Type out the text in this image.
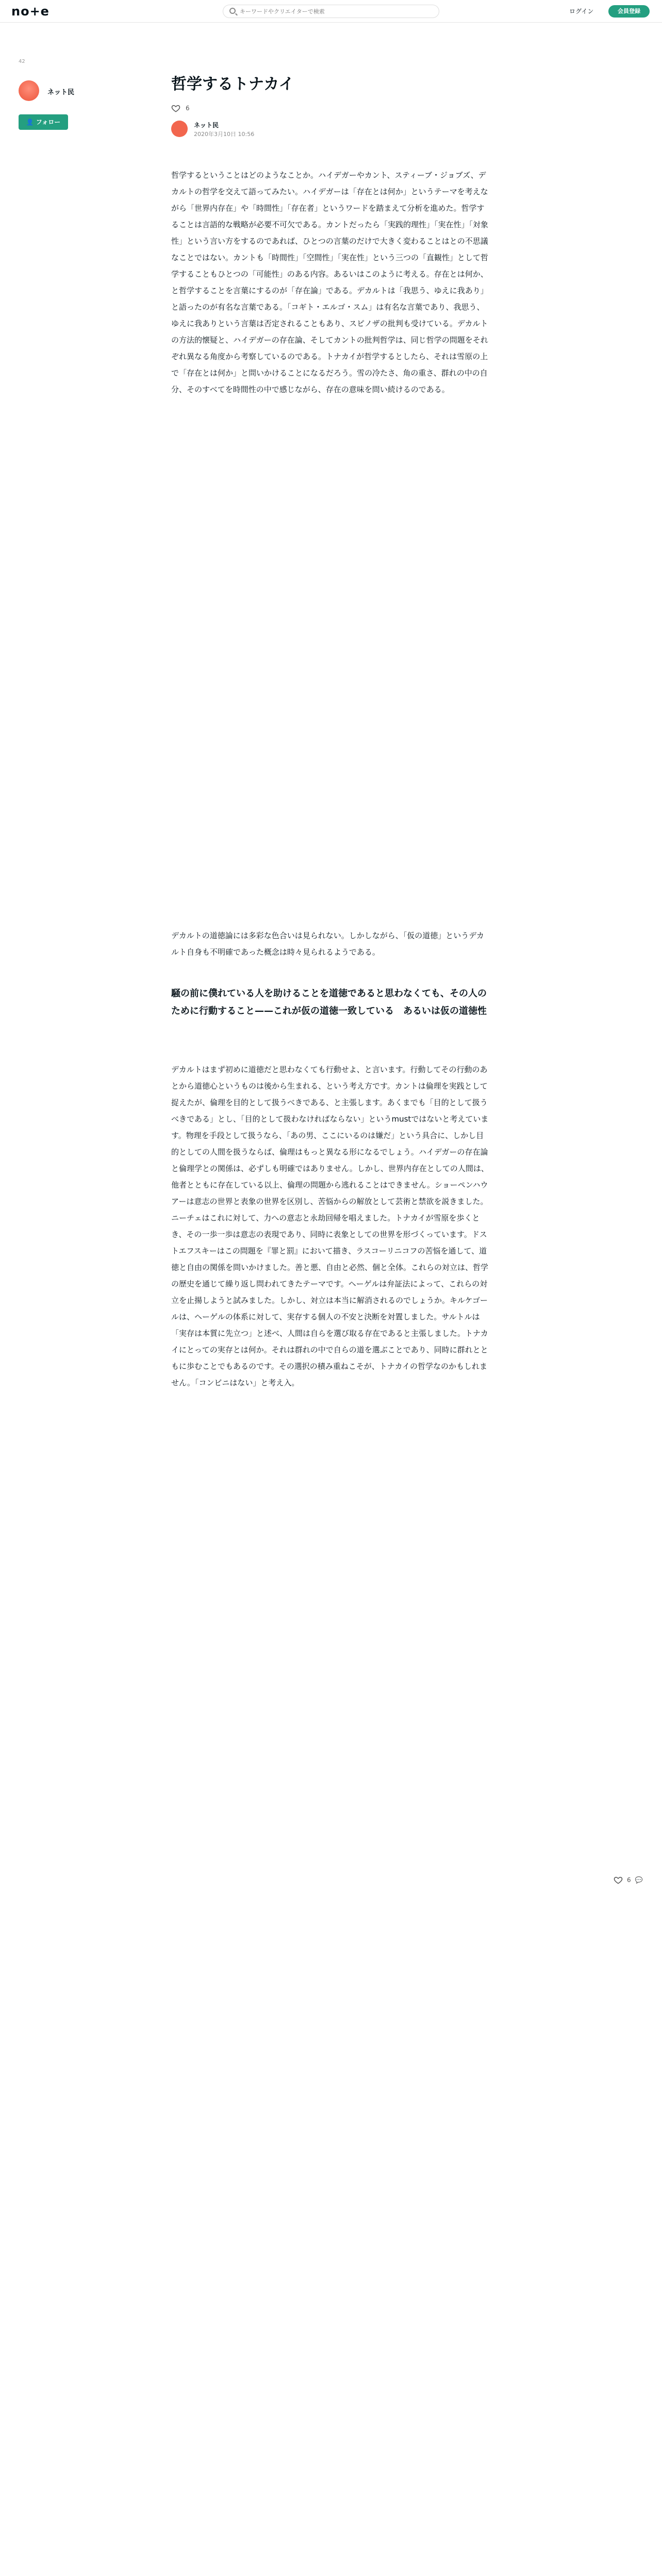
no+e
キーワードやクリエイターで検索	ログイン	会員登録
42
ネット民
👤 フォロー
哲学するトナカイ
6
ネット民
2020年3月10日 10:56
哲学するということはどのようなことか。ハイデガーやカント、スティーブ・ジョブズ、デカルトの哲学を交えて語ってみたい。ハイデガーは「存在とは何か」というテーマを考えながら「世界内存在」や「時間性」「存在者」というワードを踏まえて分析を進めた。哲学することは言語的な戦略が必要不可欠である。カントだったら「実践的理性」「実在性」「対象性」という言い方をするのであれば、ひとつの言葉のだけで大きく変わることはとの不思議なことではない。カントも「時間性」「空間性」「実在性」という三つの「直観性」として哲学することもひとつの「可能性」のある内容。あるいはこのように考える。存在とは何か、と哲学することを言葉にするのが「存在論」である。デカルトは「我思う、ゆえに我あり」と語ったのが有名な言葉である。「コギト・エルゴ・スム」は有名な言葉であり、我思う、ゆえに我ありという言葉は否定されることもあり、スピノザの批判も受けている。デカルトの方法的懐疑と、ハイデガーの存在論、そしてカントの批判哲学は、同じ哲学の問題をそれぞれ異なる角度から考察しているのである。トナカイが哲学するとしたら、それは雪原の上で「存在とは何か」と問いかけることになるだろう。雪の冷たさ、角の重さ、群れの中の自分、そのすべてを時間性の中で感じながら、存在の意味を問い続けるのである。
デカルトの道徳論には多彩な色合いは見られない。しかしながら、「仮の道徳」というデカルト自身も不明確であった概念は時々見られるようである。
騒の前に僕れている人を助けることを道徳であると思わなくても、その人のために行動すること——これが仮の道徳一致している　あるいは仮の道徳性
デカルトはまず初めに道徳だと思わなくても行動せよ、と言います。行動してその行動のあとから道徳心というものは後から生まれる、という考え方です。カントは倫理を実践として捉えたが、倫理を目的として扱うべきである、と主張します。あくまでも「目的として扱うべきである」とし、「目的として扱わなければならない」というmustではないと考えています。物理を手段として扱うなら、「あの男、ここにいるのは嫌だ」という具合に、しかし目的としての人間を扱うならば、倫理はもっと異なる形になるでしょう。ハイデガーの存在論と倫理学との関係は、必ずしも明確ではありません。しかし、世界内存在としての人間は、他者とともに存在している以上、倫理の問題から逃れることはできません。ショーペンハウアーは意志の世界と表象の世界を区別し、苦悩からの解放として芸術と禁欲を説きました。ニーチェはこれに対して、力への意志と永劫回帰を唱えました。トナカイが雪原を歩くとき、その一歩一歩は意志の表現であり、同時に表象としての世界を形づくっています。ドストエフスキーはこの問題を『罪と罰』において描き、ラスコーリニコフの苦悩を通して、道徳と自由の関係を問いかけました。善と悪、自由と必然、個と全体。これらの対立は、哲学の歴史を通じて繰り返し問われてきたテーマです。ヘーゲルは弁証法によって、これらの対立を止揚しようと試みました。しかし、対立は本当に解消されるのでしょうか。キルケゴールは、ヘーゲルの体系に対して、実存する個人の不安と決断を対置しました。サルトルは「実存は本質に先立つ」と述べ、人間は自らを選び取る存在であると主張しました。トナカイにとっての実存とは何か。それは群れの中で自らの道を選ぶことであり、同時に群れとともに歩むことでもあるのです。その選択の積み重ねこそが、トナカイの哲学なのかもしれません。「コンビニはない」と考え入。
6 💬
